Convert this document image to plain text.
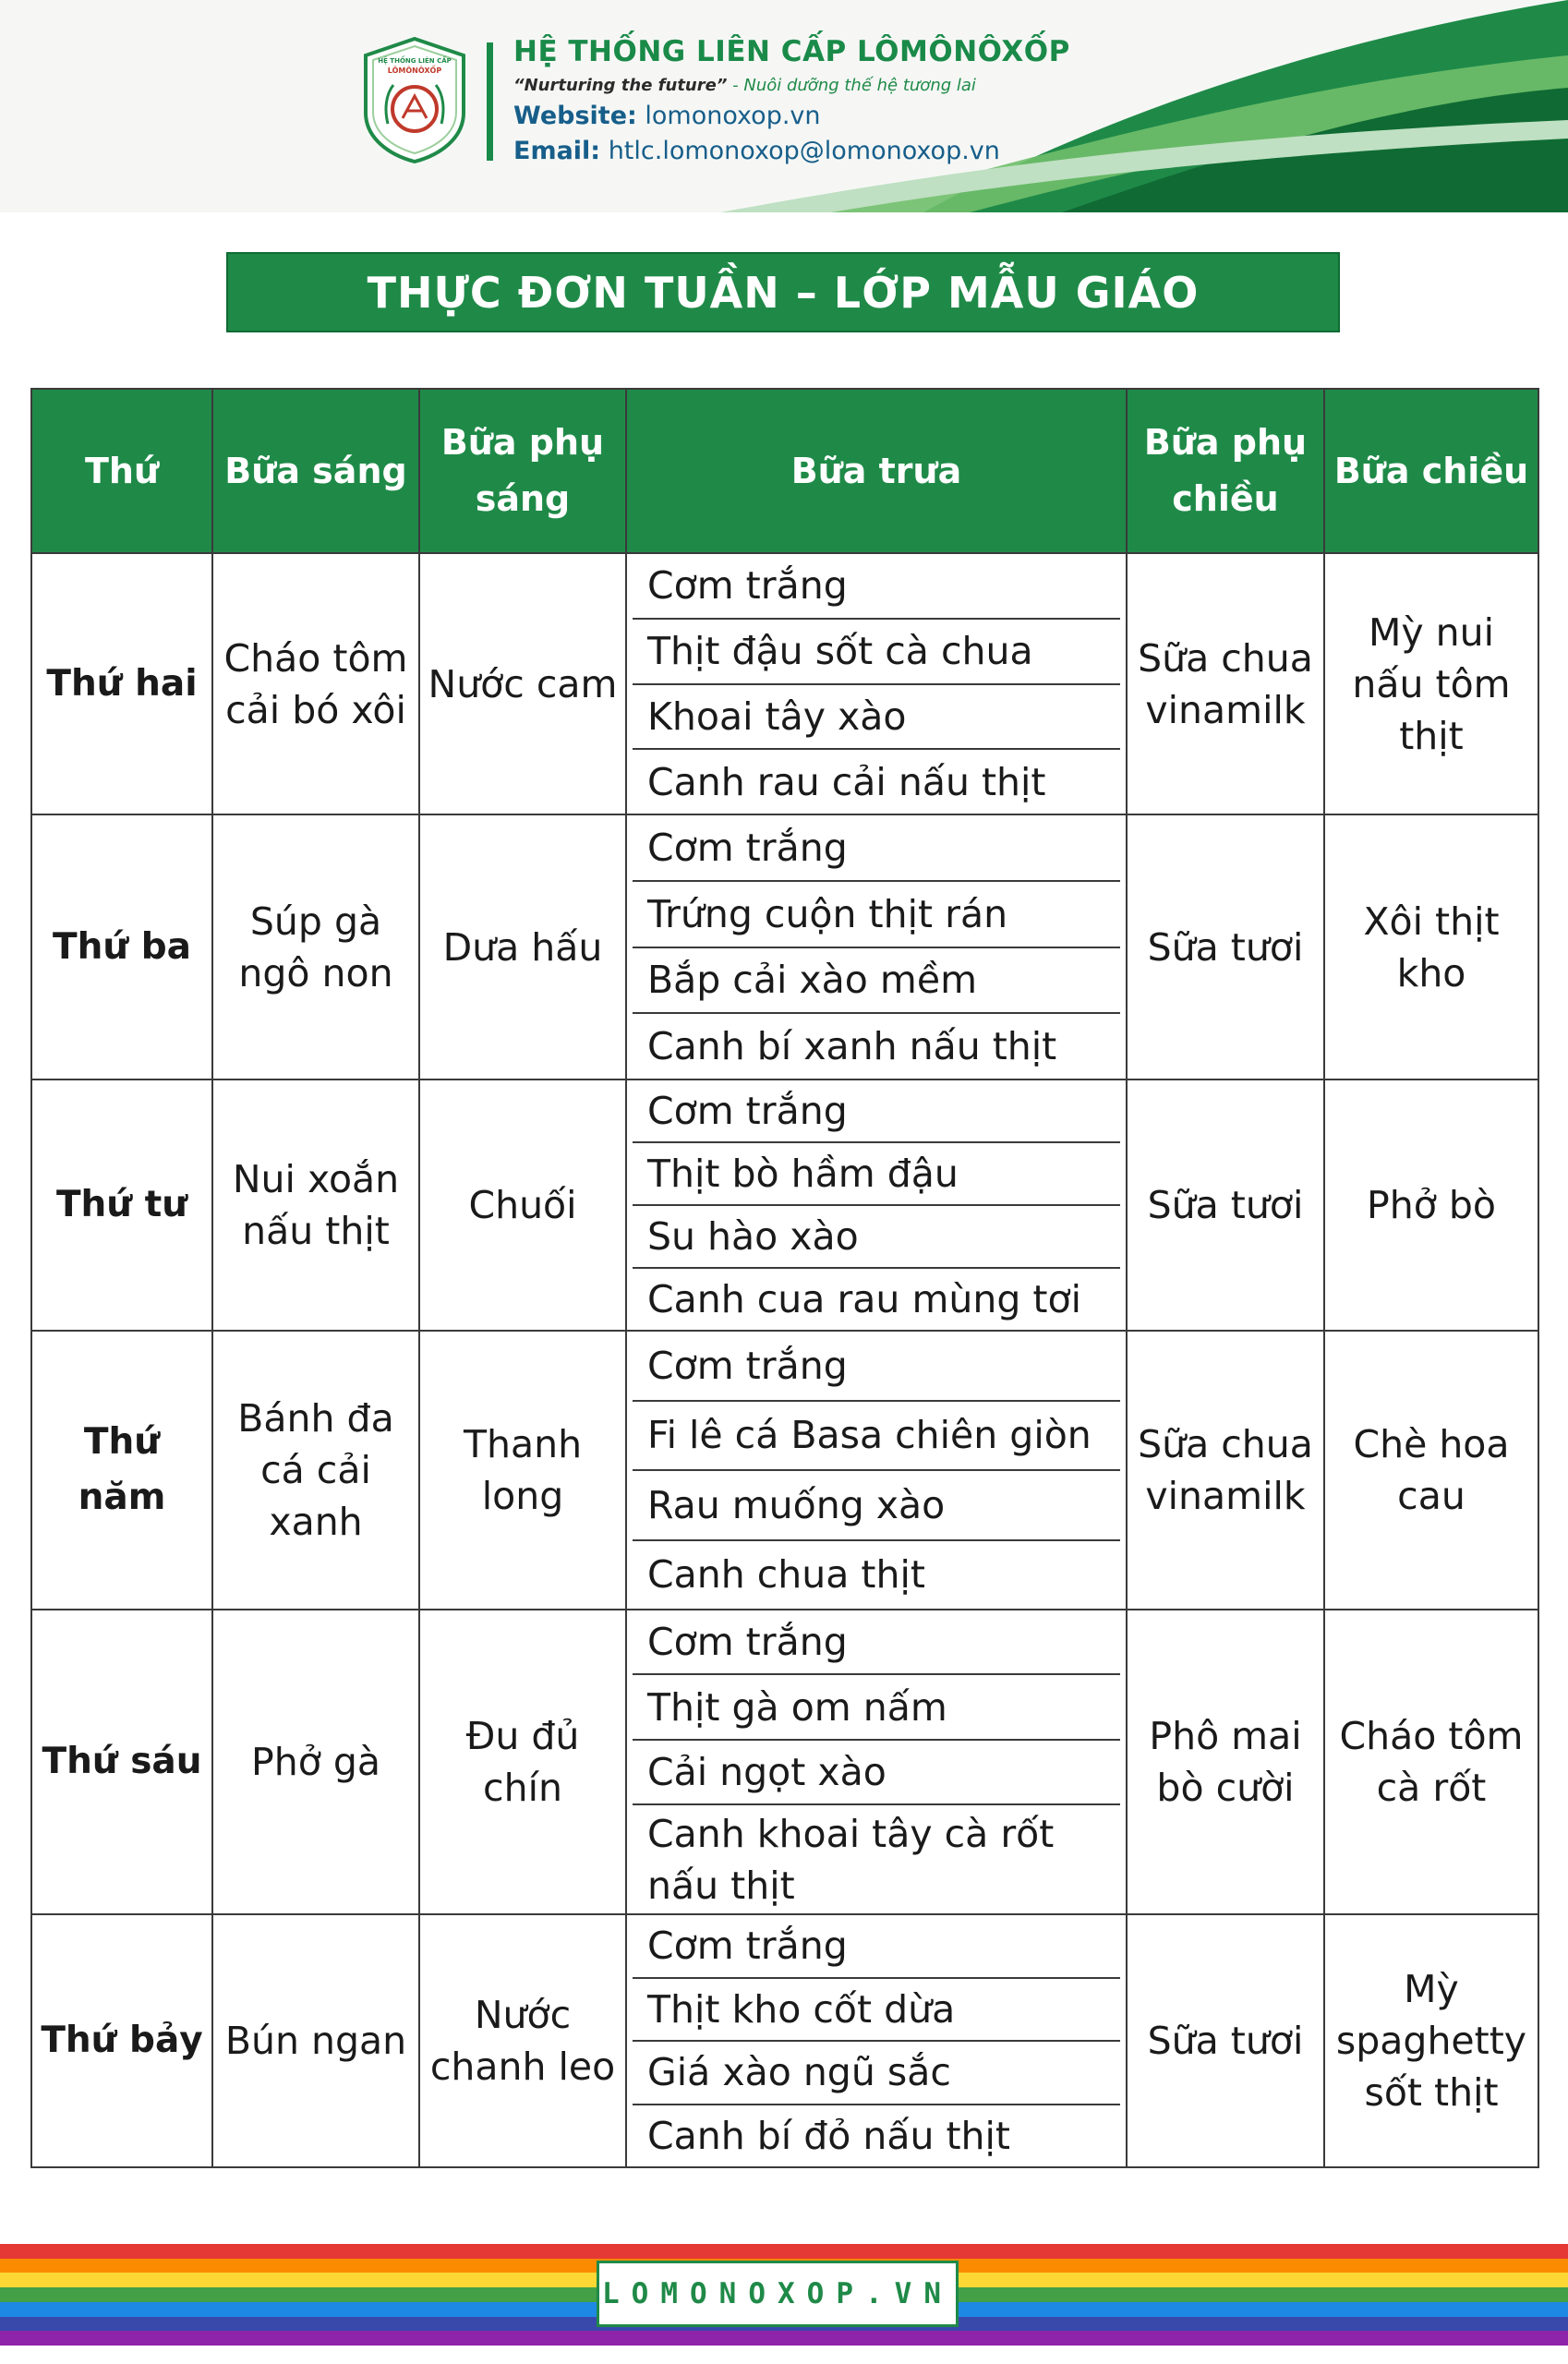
HỆ THỐNG LIÊN CẤP
LÔMÔNÔXỐP
HỆ THỐNG LIÊN CẤP LÔMÔNÔXỐP
“Nurturing the future” - Nuôi dưỡng thế hệ tương lai
Website: lomonoxop.vn
Email: htlc.lomonoxop@lomonoxop.vn
THỰC ĐƠN TUẦN – LỚP MẪU GIÁO
Thứ	Bữa sáng	Bữa phụ sáng	Bữa trưa	Bữa phụ chiều	Bữa chiều
Thứ hai	Cháo tôm cải bó xôi	Nước cam	Cơm trắng
Thịt đậu sốt cà chua
Khoai tây xào
Canh rau cải nấu thịt	Sữa chua vinamilk	Mỳ nui nấu tôm thịt
Thứ ba	Súp gà ngô non	Dưa hấu	Cơm trắng
Trứng cuộn thịt rán
Bắp cải xào mềm
Canh bí xanh nấu thịt	Sữa tươi	Xôi thịt kho
Thứ tư	Nui xoắn nấu thịt	Chuối	Cơm trắng
Thịt bò hầm đậu
Su hào xào
Canh cua rau mùng tơi	Sữa tươi	Phở bò
Thứ năm	Bánh đa cá cải xanh	Thanh long	Cơm trắng
Fi lê cá Basa chiên giòn
Rau muống xào
Canh chua thịt	Sữa chua vinamilk	Chè hoa cau
Thứ sáu	Phở gà	Đu đủ chín	Cơm trắng
Thịt gà om nấm
Cải ngọt xào
Canh khoai tây cà rốt nấu thịt	Phô mai bò cười	Cháo tôm cà rốt
Thứ bảy	Bún ngan	Nước chanh leo	Cơm trắng
Thịt kho cốt dừa
Giá xào ngũ sắc
Canh bí đỏ nấu thịt	Sữa tươi	Mỳ spaghetty sốt thịt
LOMONOXOP.VN
